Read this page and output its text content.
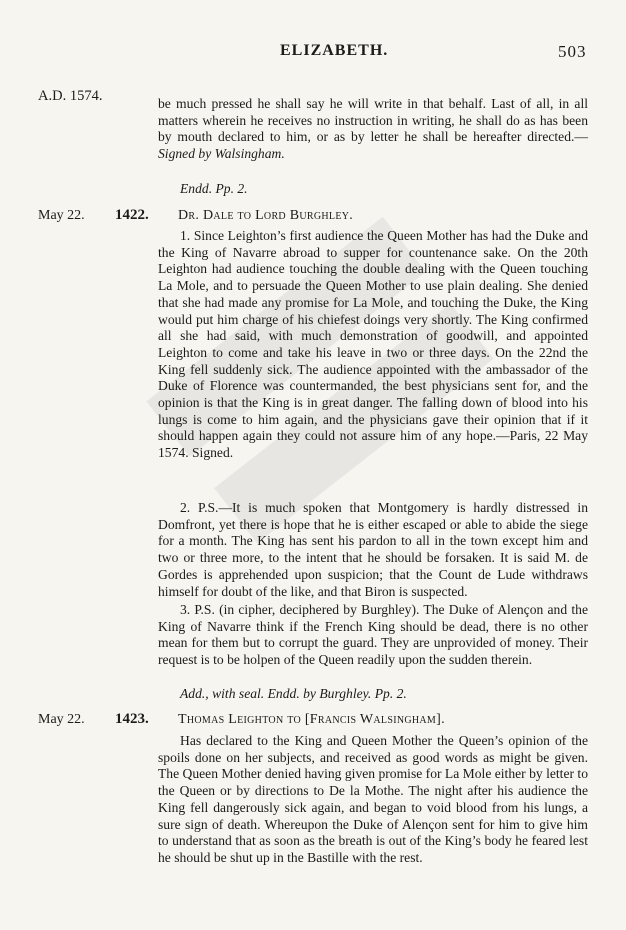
ELIZABETH.	503
A.D. 1574.	be much pressed he shall say he will write in that behalf. Last of all, in all matters wherein he receives no instruction in writing, he shall do as has been by mouth declared to him, or as by letter he shall be hereafter directed.—Signed by Walsingham.
Endd. Pp. 2.
May 22. 1422. Dr. Dale to Lord Burghley.
1. Since Leighton’s first audience the Queen Mother has had the Duke and the King of Navarre abroad to supper for countenance sake. On the 20th Leighton had audience touching the double dealing with the Queen touching La Mole, and to persuade the Queen Mother to use plain dealing. She denied that she had made any promise for La Mole, and touching the Duke, the King would put him charge of his chiefest doings very shortly. The King confirmed all she had said, with much demonstration of goodwill, and appointed Leighton to come and take his leave in two or three days. On the 22nd the King fell suddenly sick. The audience appointed with the ambassador of the Duke of Florence was countermanded, the best physicians sent for, and the opinion is that the King is in great danger. The falling down of blood into his lungs is come to him again, and the physicians gave their opinion that if it should happen again they could not assure him of any hope.—Paris, 22 May 1574. Signed.
2. P.S.—It is much spoken that Montgomery is hardly distressed in Domfront, yet there is hope that he is either escaped or able to abide the siege for a month. The King has sent his pardon to all in the town except him and two or three more, to the intent that he should be forsaken. It is said M. de Gordes is apprehended upon suspicion; that the Count de Lude withdraws himself for doubt of the like, and that Biron is suspected.
3. P.S. (in cipher, deciphered by Burghley). The Duke of Alençon and the King of Navarre think if the French King should be dead, there is no other mean for them but to corrupt the guard. They are unprovided of money. Their request is to be holpen of the Queen readily upon the sudden therein.
Add., with seal. Endd. by Burghley. Pp. 2.
May 22. 1423. Thomas Leighton to [Francis Walsingham].
Has declared to the King and Queen Mother the Queen’s opinion of the spoils done on her subjects, and received as good words as might be given. The Queen Mother denied having given promise for La Mole either by letter to the Queen or by directions to De la Mothe. The night after his audience the King fell dangerously sick again, and began to void blood from his lungs, a sure sign of death. Whereupon the Duke of Alençon sent for him to give him to understand that as soon as the breath is out of the King’s body he feared lest he should be shut up in the Bastille with the rest.
